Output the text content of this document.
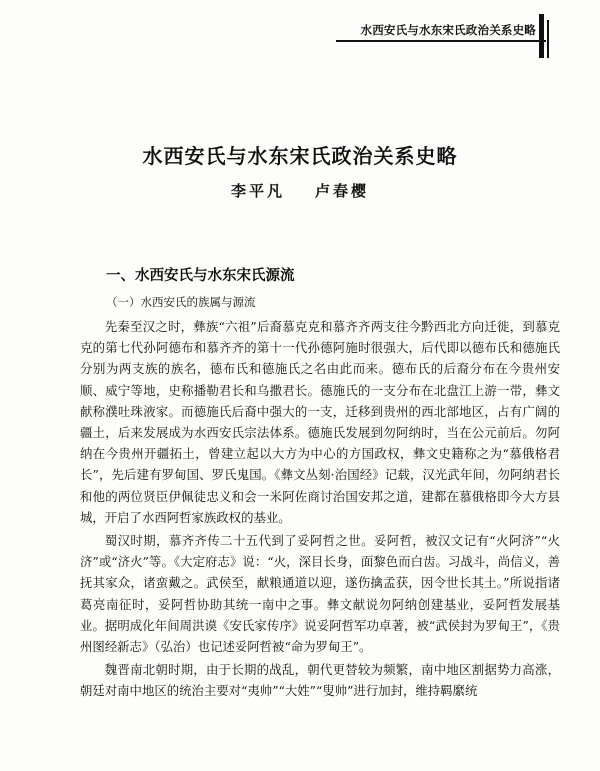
水西安氏与水东宋氏政治关系史略
水西安氏与水东宋氏政治关系史略
李平凡 卢春樱
一、水西安氏与水东宋氏源流
（一）水西安氏的族属与源流

先秦至汉之时，彝族“六祖”后裔慕克克和慕齐齐两支往今黔西北方向迁徙，到慕克克的第七代孙阿德布和慕齐齐的第十一代孙德阿施时很强大，后代即以德布氏和德施氏分别为两支族的族名，德布氏和德施氏之名由此而来。德布氏的后裔分布在今贵州安顺、威宁等地，史称播勒君长和乌撒君长。德施氏的一支分布在北盘江上游一带，彝文献称濮吐珠液家。而德施氏后裔中强大的一支，迁移到贵州的西北部地区，占有广阔的疆土，后来发展成为水西安氏宗法体系。德施氏发展到勿阿纳时，当在公元前后。勿阿纳在今贵州开疆拓土，曾建立起以大方为中心的方国政权，彝文史籍称之为“慕俄格君长”，先后建有罗甸国、罗氏鬼国。《彝文丛刻·治国经》记载，汉光武年间，勿阿纳君长和他的两位贤臣伊佩徒忠义和会一米阿佐商讨治国安邦之道，建都在慕俄格即今大方县城，开启了水西阿哲家族政权的基业。

蜀汉时期，慕齐齐传二十五代到了妥阿哲之世。妥阿哲，被汉文记有“火阿济”“火济”或“济火”等。《大定府志》说：“火，深目长身，面黎色而白齿。习战斗，尚信义，善抚其家众，诸蛮戴之。武侯至，献粮通道以迎，遂伤擒孟获，因令世长其土。”所说指诸葛亮南征时，妥阿哲协助其统一南中之事。彝文献说勿阿纳创建基业，妥阿哲发展基业。据明成化年间周洪谟《安氏家传序》说妥阿哲军功卓著，被“武侯封为罗甸王”，《贵州图经新志》（弘治）也记述妥阿哲被“命为罗甸王”。

魏晋南北朝时期，由于长期的战乱，朝代更替较为频繁，南中地区割据势力高涨，朝廷对南中地区的统治主要对“夷帅”“大姓”“叟帅”进行加封，维持羁縻统
